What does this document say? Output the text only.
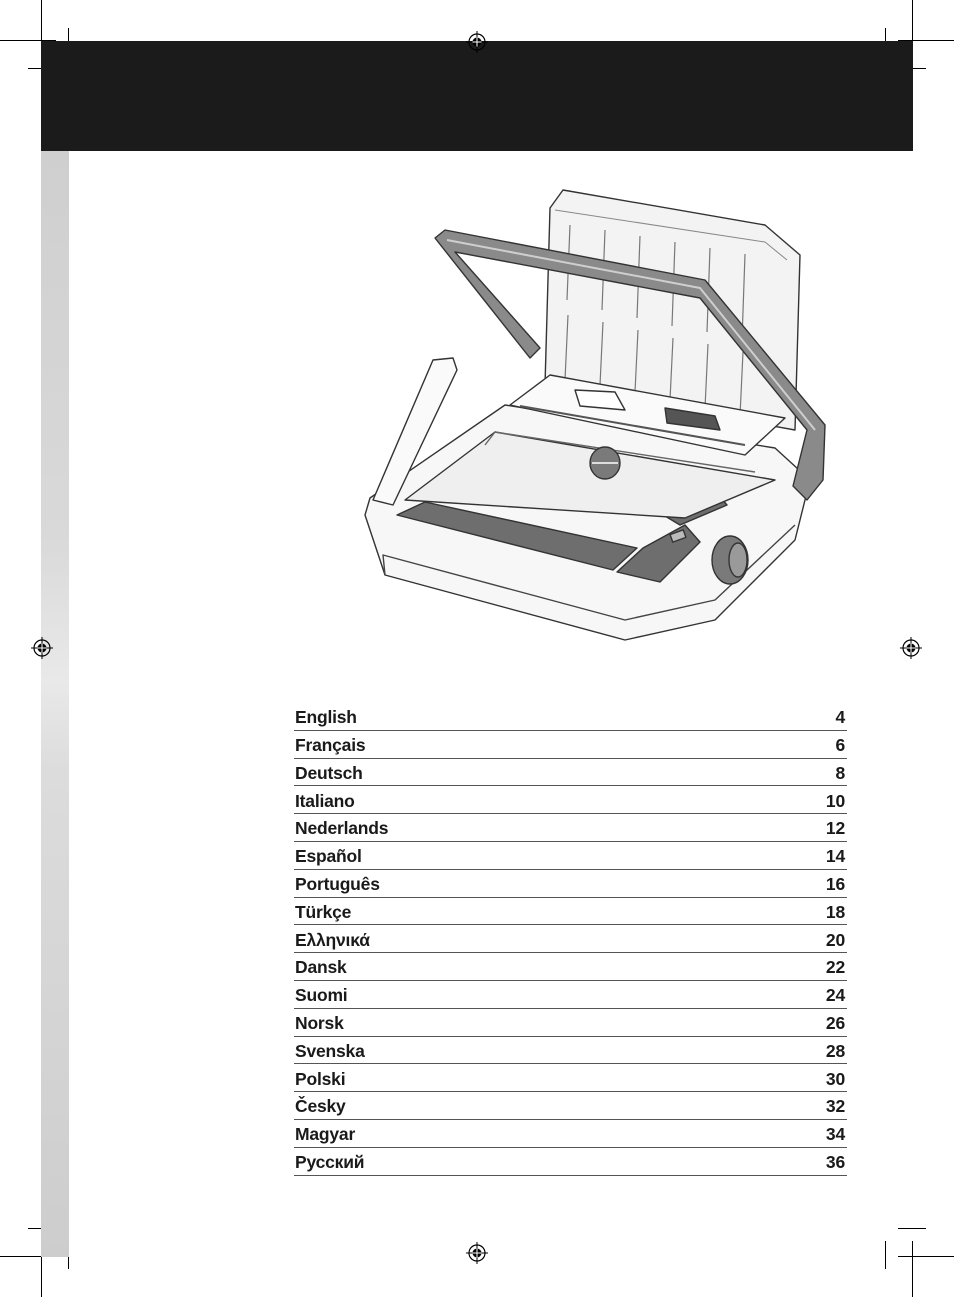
English	4
Français	6
Deutsch	8
Italiano	10
Nederlands	12
Español	14
Português	16
Türkçe	18
Ελληνικά	20
Dansk	22
Suomi	24
Norsk	26
Svenska	28
Polski	30
Česky	32
Magyar	34
Русский	36
